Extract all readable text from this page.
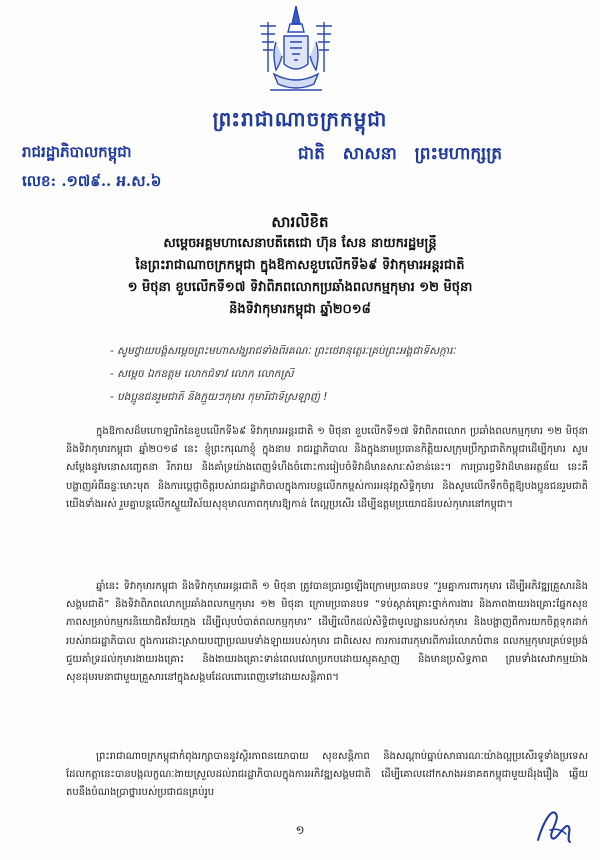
ព្រះរាជាណាចក្រកម្ពុជា
ជាតិ សាសនា ព្រះមហាក្សត្រ
រាជរដ្ឋាភិបាលកម្ពុជា
លេខ: .១៧៩.. អ.ស.៦
សារលិខិត
សម្តេចអគ្គមហាសេនាបតីតេជោ ហ៊ុន សែន នាយករដ្ឋមន្ត្រី
នៃព្រះរាជាណាចក្រកម្ពុជា ក្នុងឱកាសខួបលើកទី៦៩ ទិវាកុមារអន្តរជាតិ
១ មិថុនា ខួបលើកទី១៧ ទិវាពិភពលោកប្រឆាំងពលកម្មកុមារ ១២ មិថុនា
និងទិវាកុមារកម្ពុជា ឆ្នាំ២០១៨
- សូមថ្វាយបង្គំសម្តេចព្រះមហាសង្ឃរាជទាំងពីរគណៈ ព្រះថេរានុត្ថេរៈគ្រប់ព្រះអង្គជាទីសក្ការៈ
- សម្តេច ឯកឧត្តម លោកជំទាវ លោក លោកស្រី
- បងប្អូនជនរួមជាតិ និងក្មួយៗកុមារ កុមារីជាទីស្រឡាញ់ !

ក្នុងឱកាសដ៏មហោឡារិកនៃខួបលើកទី៦៩ ទិវាកុមារអន្តរជាតិ ១ មិថុនា ខួបលើកទី១៧ ទិវាពិភពលោក ប្រឆាំងពលកម្មកុមារ ១២ មិថុនា និងទិវាកុមារកម្ពុជា ឆ្នាំ២០១៨ នេះ ខ្ញុំព្រះករុណាខ្ញុំ ក្នុងនាម រាជរដ្ឋាភិបាល និងក្នុងនាមប្រធានកិត្តិយសក្រុមប្រឹក្សាជាតិកម្ពុជាដើម្បីកុមារ សូមសម្តែងនូវមនោសញ្ចេតនា រីករាយ និងគាំទ្រយ៉ាងពេញទំហឹងចំពោះការរៀបចំទិវាដ៏មានសារៈសំខាន់នេះ។ ការប្រារព្ធទិវាដ៏មានអត្ថន័យ នេះគឺបង្ហាញអំពីឆន្ទៈមោះមុត និងការប្តេជ្ញាចិត្តរបស់រាជរដ្ឋាភិបាលក្នុងការបន្តលើកកម្ពស់ការអនុវត្តសិទ្ធិកុមារ និងសូមលើកទឹកចិត្តឱ្យបងប្អូនជនរួមជាតិយើងទាំងអស់ រួមគ្នាបន្តលើកស្ទួយវិស័យសុខុមាលភាពកុមារឱ្យកាន់ តែល្អប្រសើរ ដើម្បីឧត្តមប្រយោជន៍របស់កុមារនៅកម្ពុជា។

ឆ្នាំនេះ ទិវាកុមារកម្ពុជា និងទិវាកុមារអន្តរជាតិ ១ មិថុនា ត្រូវបានប្រារព្ធឡើងក្រោមប្រធានបទ “រួមគ្នាការពារកុមារ ដើម្បីអភិវឌ្ឍគ្រួសារនិងសង្គមជាតិ” និងទិវាពិភពលោកប្រឆាំងពលកម្មកុមារ ១២ មិថុនា ក្រោមប្រធានបទ “ទប់ស្កាត់គ្រោះថ្នាក់ការងារ និងភាពងាយរងគ្រោះផ្នែកសុខភាពសម្រាប់កម្មករនិយោជិតវ័យក្មេង ដើម្បីលុបបំបាត់ពលកម្មកុមារ” ដើម្បីលើកដល់សិទ្ធិជាមូលដ្ឋានរបស់កុមារ និងបង្ហាញពីការយកចិត្តទុកដាក់របស់រាជរដ្ឋាភិបាល ក្នុងការដោះស្រាយបញ្ហាប្រឈមទាំងឡាយរបស់កុមារ ជាពិសេស ការការពារកុមារពីការរំលោភបំពាន ពលកម្មកុមារគ្រប់ទម្រង់ ជួយគាំទ្រដល់កុមារងាយរងគ្រោះ និងងាយរងគ្រោះទាន់ពេលវេលាប្រកបដោយស្មុគស្មាញ និងមានប្រសិទ្ធភាព ព្រមទាំងសេវាកម្មយ៉ាងសុខដុមរមនាជាមួយគ្រួសារនៅក្នុងសង្គមដែលពោរពេញទៅដោយសន្តិភាព។

ព្រះរាជាណាចក្រកម្ពុជាកំពុងរក្សាបាននូវស្ថិរភាពនយោបាយ សុខសន្តិភាព និងសណ្តាប់ធ្នាប់សាធារណៈយ៉ាងល្អប្រសើរទូទាំងប្រទេស ដែលកត្តានេះបានបង្កលក្ខណៈងាយស្រួលដល់រាជរដ្ឋាភិបាលក្នុងការអភិវឌ្ឍសង្គមជាតិ ដើម្បីគោលដៅកសាងអនាគតកម្ពុជាមួយដ៏រុងរឿង ឆ្លើយតបនឹងបំណងប្រាថ្នារបស់ប្រជាជនគ្រប់រូប

១
